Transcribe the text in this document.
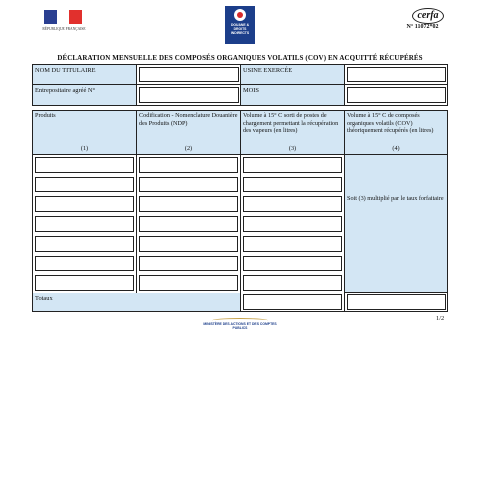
RÉPUBLIQUE FRANÇAISE
DOUANE & DROITS INDIRECTS
cerfa
N° 11072*02
DÉCLARATION MENSUELLE DES COMPOSÉS ORGANIQUES VOLATILS (COV) EN ACQUITTÉ RÉCUPÉRÉS
NOM DU TITULAIRE	USINE EXERCÉE
Entrepositaire agréé N°	MOIS
Produits
(1)
Codification - Nomenclature Douanière des Produits (NDP)
(2)
Volume à 15° C sorti de postes de chargement permettant la récupération des vapeurs (en litres)
(3)
Volume à 15° C de composés organiques volatils (COV) théoriquement récupérés (en litres)
(4)
Soit (3) multiplié par le taux forfaitaire
Totaux
1/2
MINISTÈRE DES ACTIONS ET DES COMPTES PUBLICS
